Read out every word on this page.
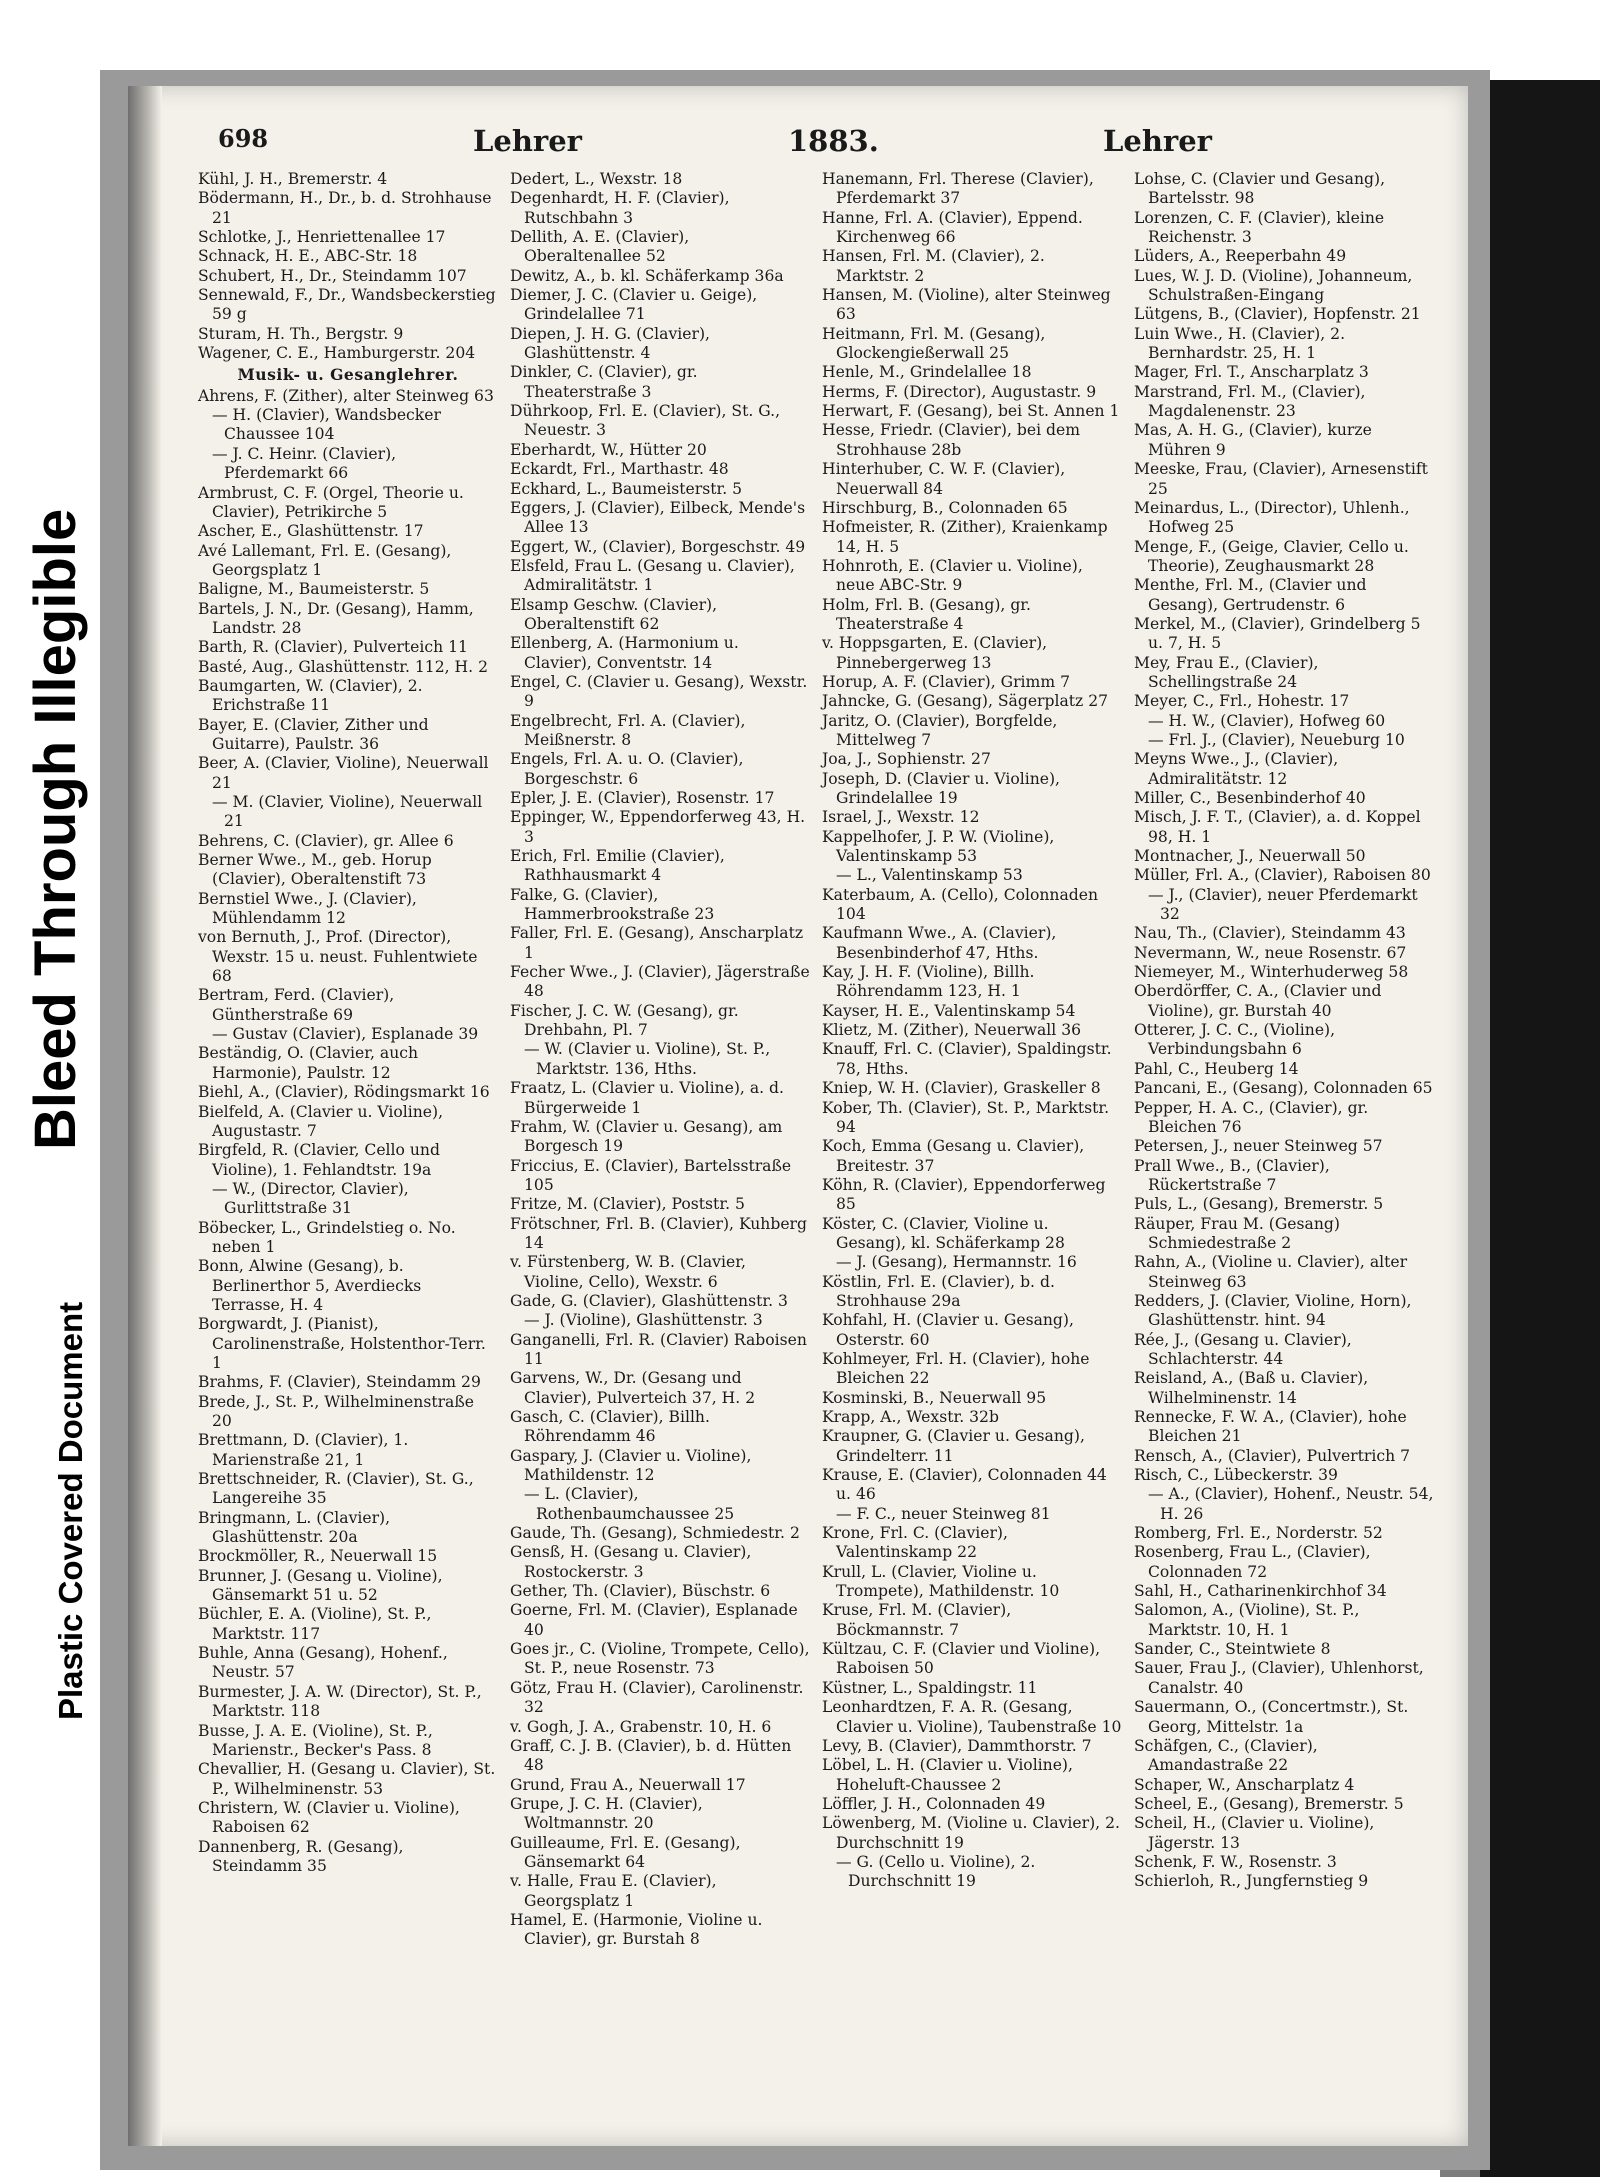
Bleed Through Illegible
Plastic Covered Document
698	Lehrer	1883.	Lehrer
Kühl, J. H., Bremerstr. 4
Bödermann, H., Dr., b. d. Strohhause 21
Schlotke, J., Henriettenallee 17
Schnack, H. E., ABC-Str. 18
Schubert, H., Dr., Steindamm 107
Sennewald, F., Dr., Wandsbeckerstieg 59 g
Sturam, H. Th., Bergstr. 9
Wagener, C. E., Hamburgerstr. 204
Musik- u. Gesanglehrer.
Ahrens, F. (Zither), alter Steinweg 63
— H. (Clavier), Wandsbecker Chaussee 104
— J. C. Heinr. (Clavier), Pferdemarkt 66
Armbrust, C. F. (Orgel, Theorie u. Clavier), Petrikirche 5
Ascher, E., Glashüttenstr. 17
Avé Lallemant, Frl. E. (Gesang), Georgsplatz 1
Baligne, M., Baumeisterstr. 5
Bartels, J. N., Dr. (Gesang), Hamm, Landstr. 28
Barth, R. (Clavier), Pulverteich 11
Basté, Aug., Glashüttenstr. 112, H. 2
Baumgarten, W. (Clavier), 2. Erichstraße 11
Bayer, E. (Clavier, Zither und Guitarre), Paulstr. 36
Beer, A. (Clavier, Violine), Neuerwall 21
— M. (Clavier, Violine), Neuerwall 21
Behrens, C. (Clavier), gr. Allee 6
Berner Wwe., M., geb. Horup (Clavier), Oberaltenstift 73
Bernstiel Wwe., J. (Clavier), Mühlendamm 12
von Bernuth, J., Prof. (Director), Wexstr. 15 u. neust. Fuhlentwiete 68
Bertram, Ferd. (Clavier), Güntherstraße 69
— Gustav (Clavier), Esplanade 39
Beständig, O. (Clavier, auch Harmonie), Paulstr. 12
Biehl, A., (Clavier), Rödingsmarkt 16
Bielfeld, A. (Clavier u. Violine), Augustastr. 7
Birgfeld, R. (Clavier, Cello und Violine), 1. Fehlandtstr. 19a
— W., (Director, Clavier), Gurlittstraße 31
Böbecker, L., Grindelstieg o. No. neben 1
Bonn, Alwine (Gesang), b. Berlinerthor 5, Averdiecks Terrasse, H. 4
Borgwardt, J. (Pianist), Carolinenstraße, Holstenthor-Terr. 1
Brahms, F. (Clavier), Steindamm 29
Brede, J., St. P., Wilhelminenstraße 20
Brettmann, D. (Clavier), 1. Marienstraße 21, 1
Brettschneider, R. (Clavier), St. G., Langereihe 35
Bringmann, L. (Clavier), Glashüttenstr. 20a
Brockmöller, R., Neuerwall 15
Brunner, J. (Gesang u. Violine), Gänsemarkt 51 u. 52
Büchler, E. A. (Violine), St. P., Marktstr. 117
Buhle, Anna (Gesang), Hohenf., Neustr. 57
Burmester, J. A. W. (Director), St. P., Marktstr. 118
Busse, J. A. E. (Violine), St. P., Marienstr., Becker's Pass. 8
Chevallier, H. (Gesang u. Clavier), St. P., Wilhelminenstr. 53
Christern, W. (Clavier u. Violine), Raboisen 62
Dannenberg, R. (Gesang), Steindamm 35
Dedert, L., Wexstr. 18
Degenhardt, H. F. (Clavier), Rutschbahn 3
Dellith, A. E. (Clavier), Oberaltenallee 52
Dewitz, A., b. kl. Schäferkamp 36a
Diemer, J. C. (Clavier u. Geige), Grindelallee 71
Diepen, J. H. G. (Clavier), Glashüttenstr. 4
Dinkler, C. (Clavier), gr. Theaterstraße 3
Dührkoop, Frl. E. (Clavier), St. G., Neuestr. 3
Eberhardt, W., Hütter 20
Eckardt, Frl., Marthastr. 48
Eckhard, L., Baumeisterstr. 5
Eggers, J. (Clavier), Eilbeck, Mende's Allee 13
Eggert, W., (Clavier), Borgeschstr. 49
Elsfeld, Frau L. (Gesang u. Clavier), Admiralitätstr. 1
Elsamp Geschw. (Clavier), Oberaltenstift 62
Ellenberg, A. (Harmonium u. Clavier), Conventstr. 14
Engel, C. (Clavier u. Gesang), Wexstr. 9
Engelbrecht, Frl. A. (Clavier), Meißnerstr. 8
Engels, Frl. A. u. O. (Clavier), Borgeschstr. 6
Epler, J. E. (Clavier), Rosenstr. 17
Eppinger, W., Eppendorferweg 43, H. 3
Erich, Frl. Emilie (Clavier), Rathhausmarkt 4
Falke, G. (Clavier), Hammerbrookstraße 23
Faller, Frl. E. (Gesang), Anscharplatz 1
Fecher Wwe., J. (Clavier), Jägerstraße 48
Fischer, J. C. W. (Gesang), gr. Drehbahn, Pl. 7
— W. (Clavier u. Violine), St. P., Marktstr. 136, Hths.
Fraatz, L. (Clavier u. Violine), a. d. Bürgerweide 1
Frahm, W. (Clavier u. Gesang), am Borgesch 19
Friccius, E. (Clavier), Bartelsstraße 105
Fritze, M. (Clavier), Poststr. 5
Frötschner, Frl. B. (Clavier), Kuhberg 14
v. Fürstenberg, W. B. (Clavier, Violine, Cello), Wexstr. 6
Gade, G. (Clavier), Glashüttenstr. 3
— J. (Violine), Glashüttenstr. 3
Ganganelli, Frl. R. (Clavier) Raboisen 11
Garvens, W., Dr. (Gesang und Clavier), Pulverteich 37, H. 2
Gasch, C. (Clavier), Billh. Röhrendamm 46
Gaspary, J. (Clavier u. Violine), Mathildenstr. 12
— L. (Clavier), Rothenbaumchaussee 25
Gaude, Th. (Gesang), Schmiedestr. 2
Gensß, H. (Gesang u. Clavier), Rostockerstr. 3
Gether, Th. (Clavier), Büschstr. 6
Goerne, Frl. M. (Clavier), Esplanade 40
Goes jr., C. (Violine, Trompete, Cello), St. P., neue Rosenstr. 73
Götz, Frau H. (Clavier), Carolinenstr. 32
v. Gogh, J. A., Grabenstr. 10, H. 6
Graff, C. J. B. (Clavier), b. d. Hütten 48
Grund, Frau A., Neuerwall 17
Grupe, J. C. H. (Clavier), Woltmannstr. 20
Guilleaume, Frl. E. (Gesang), Gänsemarkt 64
v. Halle, Frau E. (Clavier), Georgsplatz 1
Hamel, E. (Harmonie, Violine u. Clavier), gr. Burstah 8
Hanemann, Frl. Therese (Clavier), Pferdemarkt 37
Hanne, Frl. A. (Clavier), Eppend. Kirchenweg 66
Hansen, Frl. M. (Clavier), 2. Marktstr. 2
Hansen, M. (Violine), alter Steinweg 63
Heitmann, Frl. M. (Gesang), Glockengießerwall 25
Henle, M., Grindelallee 18
Herms, F. (Director), Augustastr. 9
Herwart, F. (Gesang), bei St. Annen 1
Hesse, Friedr. (Clavier), bei dem Strohhause 28b
Hinterhuber, C. W. F. (Clavier), Neuerwall 84
Hirschburg, B., Colonnaden 65
Hofmeister, R. (Zither), Kraienkamp 14, H. 5
Hohnroth, E. (Clavier u. Violine), neue ABC-Str. 9
Holm, Frl. B. (Gesang), gr. Theaterstraße 4
v. Hoppsgarten, E. (Clavier), Pinnebergerweg 13
Horup, A. F. (Clavier), Grimm 7
Jahncke, G. (Gesang), Sägerplatz 27
Jaritz, O. (Clavier), Borgfelde, Mittelweg 7
Joa, J., Sophienstr. 27
Joseph, D. (Clavier u. Violine), Grindelallee 19
Israel, J., Wexstr. 12
Kappelhofer, J. P. W. (Violine), Valentinskamp 53
— L., Valentinskamp 53
Katerbaum, A. (Cello), Colonnaden 104
Kaufmann Wwe., A. (Clavier), Besenbinderhof 47, Hths.
Kay, J. H. F. (Violine), Billh. Röhrendamm 123, H. 1
Kayser, H. E., Valentinskamp 54
Klietz, M. (Zither), Neuerwall 36
Knauff, Frl. C. (Clavier), Spaldingstr. 78, Hths.
Kniep, W. H. (Clavier), Graskeller 8
Kober, Th. (Clavier), St. P., Marktstr. 94
Koch, Emma (Gesang u. Clavier), Breitestr. 37
Köhn, R. (Clavier), Eppendorferweg 85
Köster, C. (Clavier, Violine u. Gesang), kl. Schäferkamp 28
— J. (Gesang), Hermannstr. 16
Köstlin, Frl. E. (Clavier), b. d. Strohhause 29a
Kohfahl, H. (Clavier u. Gesang), Osterstr. 60
Kohlmeyer, Frl. H. (Clavier), hohe Bleichen 22
Kosminski, B., Neuerwall 95
Krapp, A., Wexstr. 32b
Kraupner, G. (Clavier u. Gesang), Grindelterr. 11
Krause, E. (Clavier), Colonnaden 44 u. 46
— F. C., neuer Steinweg 81
Krone, Frl. C. (Clavier), Valentinskamp 22
Krull, L. (Clavier, Violine u. Trompete), Mathildenstr. 10
Kruse, Frl. M. (Clavier), Böckmannstr. 7
Kültzau, C. F. (Clavier und Violine), Raboisen 50
Küstner, L., Spaldingstr. 11
Leonhardtzen, F. A. R. (Gesang, Clavier u. Violine), Taubenstraße 10
Levy, B. (Clavier), Dammthorstr. 7
Löbel, L. H. (Clavier u. Violine), Hoheluft-Chaussee 2
Löffler, J. H., Colonnaden 49
Löwenberg, M. (Violine u. Clavier), 2. Durchschnitt 19
— G. (Cello u. Violine), 2. Durchschnitt 19
Lohse, C. (Clavier und Gesang), Bartelsstr. 98
Lorenzen, C. F. (Clavier), kleine Reichenstr. 3
Lüders, A., Reeperbahn 49
Lues, W. J. D. (Violine), Johanneum, Schulstraßen-Eingang
Lütgens, B., (Clavier), Hopfenstr. 21
Luin Wwe., H. (Clavier), 2. Bernhardstr. 25, H. 1
Mager, Frl. T., Anscharplatz 3
Marstrand, Frl. M., (Clavier), Magdalenenstr. 23
Mas, A. H. G., (Clavier), kurze Mühren 9
Meeske, Frau, (Clavier), Arnesenstift 25
Meinardus, L., (Director), Uhlenh., Hofweg 25
Menge, F., (Geige, Clavier, Cello u. Theorie), Zeughausmarkt 28
Menthe, Frl. M., (Clavier und Gesang), Gertrudenstr. 6
Merkel, M., (Clavier), Grindelberg 5 u. 7, H. 5
Mey, Frau E., (Clavier), Schellingstraße 24
Meyer, C., Frl., Hohestr. 17
— H. W., (Clavier), Hofweg 60
— Frl. J., (Clavier), Neueburg 10
Meyns Wwe., J., (Clavier), Admiralitätstr. 12
Miller, C., Besenbinderhof 40
Misch, J. F. T., (Clavier), a. d. Koppel 98, H. 1
Montnacher, J., Neuerwall 50
Müller, Frl. A., (Clavier), Raboisen 80
— J., (Clavier), neuer Pferdemarkt 32
Nau, Th., (Clavier), Steindamm 43
Nevermann, W., neue Rosenstr. 67
Niemeyer, M., Winterhuderweg 58
Oberdörffer, C. A., (Clavier und Violine), gr. Burstah 40
Otterer, J. C. C., (Violine), Verbindungsbahn 6
Pahl, C., Heuberg 14
Pancani, E., (Gesang), Colonnaden 65
Pepper, H. A. C., (Clavier), gr. Bleichen 76
Petersen, J., neuer Steinweg 57
Prall Wwe., B., (Clavier), Rückertstraße 7
Puls, L., (Gesang), Bremerstr. 5
Räuper, Frau M. (Gesang) Schmiedestraße 2
Rahn, A., (Violine u. Clavier), alter Steinweg 63
Redders, J. (Clavier, Violine, Horn), Glashüttenstr. hint. 94
Rée, J., (Gesang u. Clavier), Schlachterstr. 44
Reisland, A., (Baß u. Clavier), Wilhelminenstr. 14
Rennecke, F. W. A., (Clavier), hohe Bleichen 21
Rensch, A., (Clavier), Pulvertrich 7
Risch, C., Lübeckerstr. 39
— A., (Clavier), Hohenf., Neustr. 54, H. 26
Romberg, Frl. E., Norderstr. 52
Rosenberg, Frau L., (Clavier), Colonnaden 72
Sahl, H., Catharinenkirchhof 34
Salomon, A., (Violine), St. P., Marktstr. 10, H. 1
Sander, C., Steintwiete 8
Sauer, Frau J., (Clavier), Uhlenhorst, Canalstr. 40
Sauermann, O., (Concertmstr.), St. Georg, Mittelstr. 1a
Schäfgen, C., (Clavier), Amandastraße 22
Schaper, W., Anscharplatz 4
Scheel, E., (Gesang), Bremerstr. 5
Scheil, H., (Clavier u. Violine), Jägerstr. 13
Schenk, F. W., Rosenstr. 3
Schierloh, R., Jungfernstieg 9
